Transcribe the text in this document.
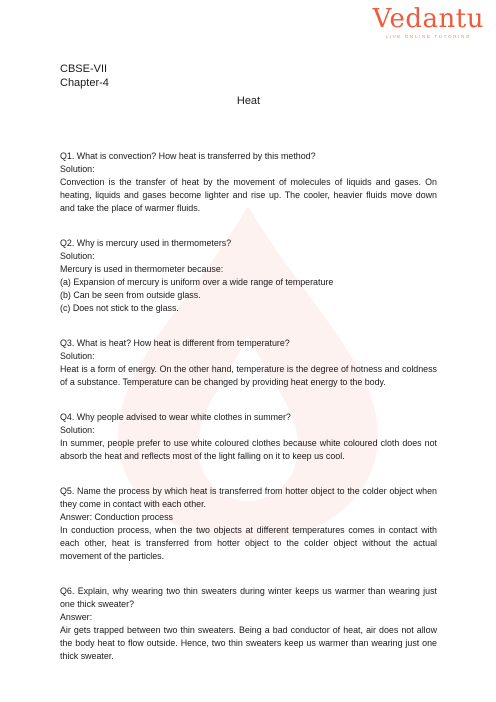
Vedantu
LIVE ONLINE TUTORING
CBSE-VII
Chapter-4
Heat
Q1. What is convection? How heat is transferred by this method?
Solution:
Convection is the transfer of heat by the movement of molecules of liquids and gases. On heating, liquids and gases become lighter and rise up. The cooler, heavier fluids move down and take the place of warmer fluids.
Q2. Why is mercury used in thermometers?
Solution:
Mercury is used in thermometer because:
(a) Expansion of mercury is uniform over a wide range of temperature
(b) Can be seen from outside glass.
(c) Does not stick to the glass.
Q3. What is heat? How heat is different from temperature?
Solution:
Heat is a form of energy. On the other hand, temperature is the degree of hotness and coldness of a substance. Temperature can be changed by providing heat energy to the body.
Q4. Why people advised to wear white clothes in summer?
Solution:
In summer, people prefer to use white coloured clothes because white coloured cloth does not absorb the heat and reflects most of the light falling on it to keep us cool.
Q5. Name the process by which heat is transferred from hotter object to the colder object when they come in contact with each other.
Answer: Conduction process
In conduction process, when the two objects at different temperatures comes in contact with each other, heat is transferred from hotter object to the colder object without the actual movement of the particles.
Q6. Explain, why wearing two thin sweaters during winter keeps us warmer than wearing just one thick sweater?
Answer:
Air gets trapped between two thin sweaters. Being a bad conductor of heat, air does not allow the body heat to flow outside. Hence, two thin sweaters keep us warmer than wearing just one thick sweater.
